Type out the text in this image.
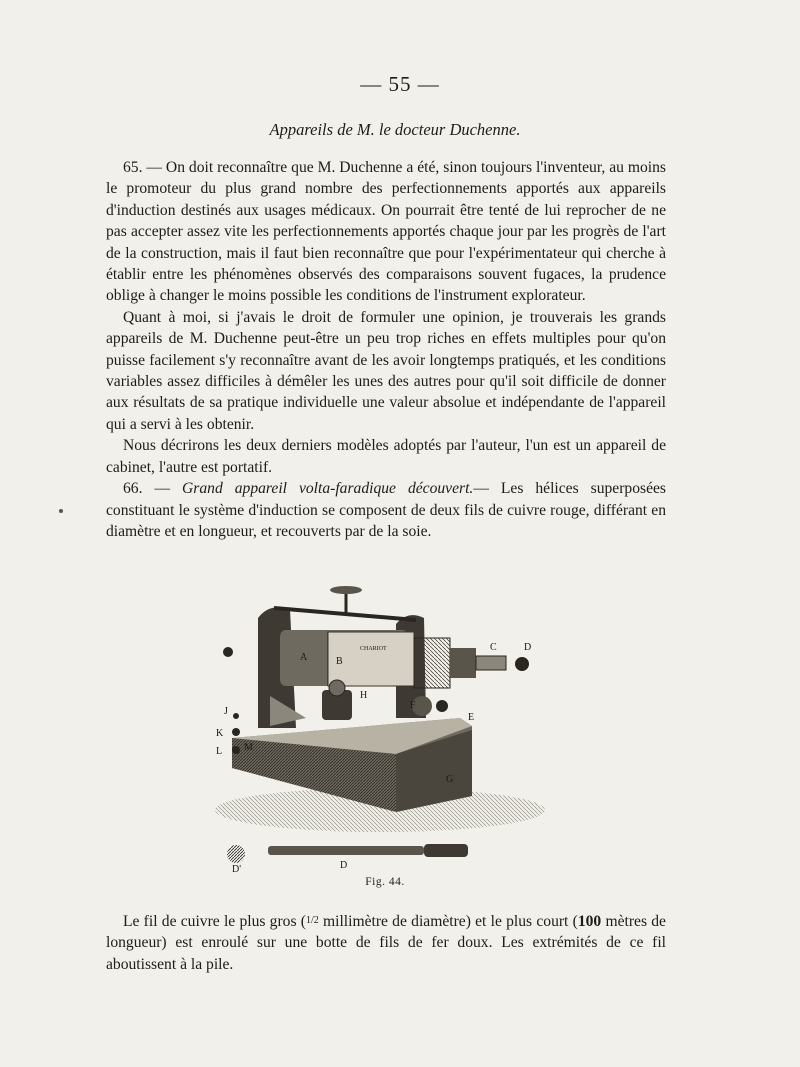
— 55 —
Appareils de M. le docteur Duchenne.

65. — On doit reconnaître que M. Duchenne a été, sinon toujours l'inventeur, au moins le promoteur du plus grand nombre des perfectionnements apportés aux appareils d'induction destinés aux usages médicaux. On pourrait être tenté de lui reprocher de ne pas accepter assez vite les perfectionnements apportés chaque jour par les progrès de l'art de la construction, mais il faut bien reconnaître que pour l'expérimentateur qui cherche à établir entre les phénomènes observés des comparaisons souvent fugaces, la prudence oblige à changer le moins possible les conditions de l'instrument explorateur.

Quant à moi, si j'avais le droit de formuler une opinion, je trouverais les grands appareils de M. Duchenne peut-être un peu trop riches en effets multiples pour qu'on puisse facilement s'y reconnaître avant de les avoir longtemps pratiqués, et les conditions variables assez difficiles à démêler les unes des autres pour qu'il soit difficile de donner aux résultats de sa pratique individuelle une valeur absolue et indépendante de l'appareil qui a servi à les obtenir.

Nous décrirons les deux derniers modèles adoptés par l'auteur, l'un est un appareil de cabinet, l'autre est portatif.

66. — Grand appareil volta-faradique découvert.— Les hélices superposées constituant le système d'induction se composent de deux fils de cuivre rouge, différant en diamètre et en longueur, et recouverts par de la soie.

A	B
C	D
E
F
G
H
J
K
L M
D'	D
CHARIOT
Fig. 44.

Le fil de cuivre le plus gros (1/2 millimètre de diamètre) et le plus court (100 mètres de longueur) est enroulé sur une botte de fils de fer doux. Les extrémités de ce fil aboutissent à la pile.
